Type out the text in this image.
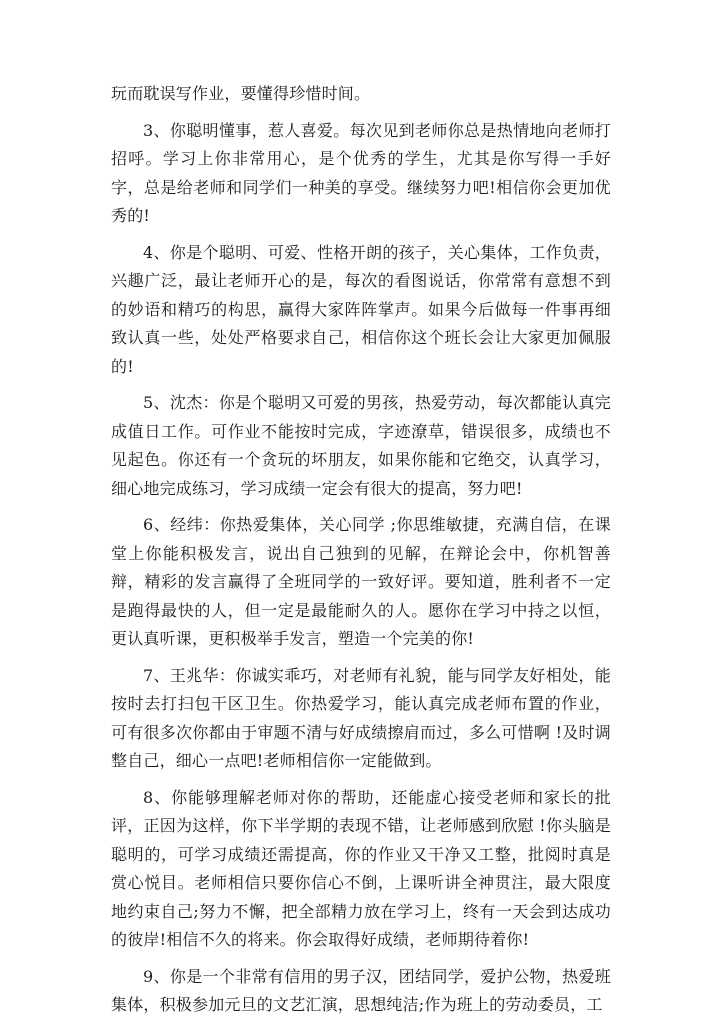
玩而耽误写作业，要懂得珍惜时间。

3、你聪明懂事，惹人喜爱。每次见到老师你总是热情地向老师打招呼。学习上你非常用心，是个优秀的学生，尤其是你写得一手好字，总是给老师和同学们一种美的享受。继续努力吧!相信你会更加优秀的!

4、你是个聪明、可爱、性格开朗的孩子，关心集体，工作负责，兴趣广泛，最让老师开心的是，每次的看图说话，你常常有意想不到的妙语和精巧的构思，赢得大家阵阵掌声。如果今后做每一件事再细致认真一些，处处严格要求自己，相信你这个班长会让大家更加佩服的!

5、沈杰：你是个聪明又可爱的男孩，热爱劳动，每次都能认真完成值日工作。可作业不能按时完成，字迹潦草，错误很多，成绩也不见起色。你还有一个贪玩的坏朋友，如果你能和它绝交，认真学习，细心地完成练习，学习成绩一定会有很大的提高，努力吧!

6、经纬：你热爱集体，关心同学 ;你思维敏捷，充满自信，在课堂上你能积极发言，说出自己独到的见解，在辩论会中，你机智善辩，精彩的发言赢得了全班同学的一致好评。要知道，胜利者不一定是跑得最快的人，但一定是最能耐久的人。愿你在学习中持之以恒，更认真听课，更积极举手发言，塑造一个完美的你!

7、王兆华：你诚实乖巧，对老师有礼貌，能与同学友好相处，能按时去打扫包干区卫生。你热爱学习，能认真完成老师布置的作业，可有很多次你都由于审题不清与好成绩擦肩而过，多么可惜啊 !及时调整自己，细心一点吧!老师相信你一定能做到。

8、你能够理解老师对你的帮助，还能虚心接受老师和家长的批评，正因为这样，你下半学期的表现不错，让老师感到欣慰 !你头脑是聪明的，可学习成绩还需提高，你的作业又干净又工整，批阅时真是赏心悦目。老师相信只要你信心不倒，上课听讲全神贯注，最大限度地约束自己;努力不懈，把全部精力放在学习上，终有一天会到达成功的彼岸!相信不久的将来。你会取得好成绩，老师期待着你!

9、你是一个非常有信用的男子汉，团结同学，爱护公物，热爱班集体，积极参加元旦的文艺汇演，思想纯洁;作为班上的劳动委员，工
